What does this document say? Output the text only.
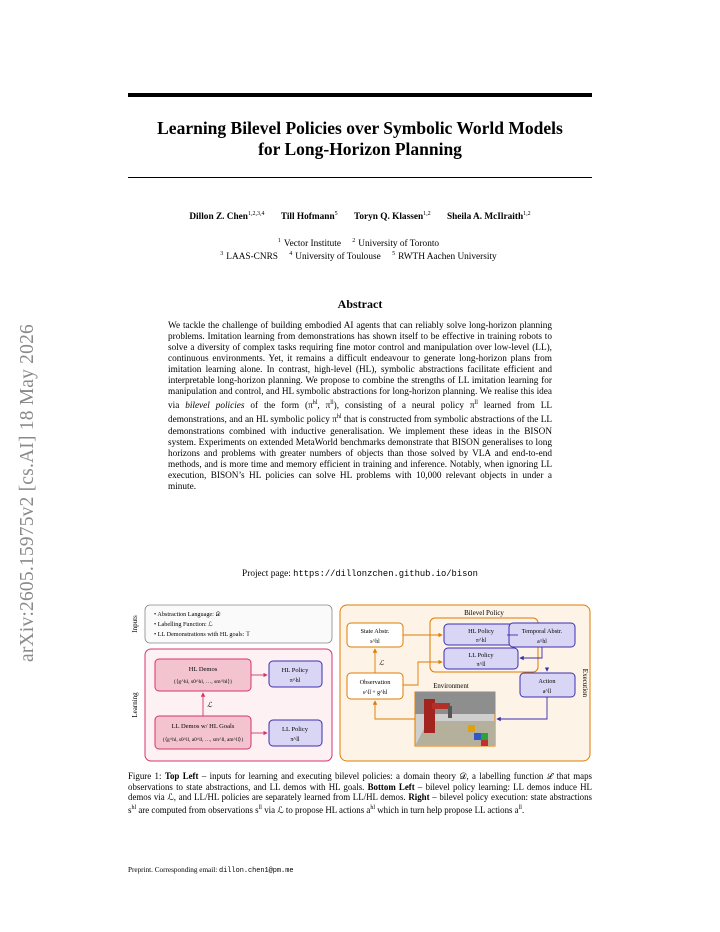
arXiv:2605.15975v2 [cs.AI] 18 May 2026
Learning Bilevel Policies over Symbolic World Models
for Long-Horizon Planning
Dillon Z. Chen$^{1,2,3,4}$ Till Hofmann$^5$ Toryn Q. Klassen$^{1,2}$ Sheila A. McIlraith$^{1,2}$
$^1$ Vector Institute $^2$ University of Toronto
$^3$ LAAS-CNRS $^4$ University of Toulouse $^5$ RWTH Aachen University
Abstract
We tackle the challenge of building embodied AI agents that can reliably solve long-horizon planning problems. Imitation learning from demonstrations has shown itself to be effective in training robots to solve a diversity of complex tasks requiring fine motor control and manipulation over low-level (LL), continuous environments. Yet, it remains a difficult endeavour to generate long-horizon plans from imitation learning alone. In contrast, high-level (HL), symbolic abstractions facilitate efficient and interpretable long-horizon planning. We propose to combine the strengths of LL imitation learning for manipulation and control, and HL symbolic abstractions for long-horizon planning. We realise this idea via bilevel policies of the form ($\pi^{hl}$, $\pi^{ll}$), consisting of a neural policy $\pi^{ll}$ learned from LL demonstrations, and an HL symbolic policy $\pi^{hl}$ that is constructed from symbolic abstractions of the LL demonstrations combined with inductive generalisation. We implement these ideas in the BISON system. Experiments on extended MetaWorld benchmarks demonstrate that BISON generalises to long horizons and problems with greater numbers of objects than those solved by VLA and end-to-end methods, and is more time and memory efficient in training and inference. Notably, when ignoring LL execution, BISON’s HL policies can solve HL problems with 10,000 relevant objects in under a minute.
Project page: https://dillonzchen.github.io/bison
Inputs
• Abstraction Language: 𝒟
• Labelling Function: ℒ
• LL Demonstrations with HL goals: 𝕋
Learning
HL Demos
{⟨g^hl, s0^hl, …, sm^hl⟩}
LL Demos w/ HL Goals
{⟨g^hl, s0^ll, a0^ll, …, sm^ll, am^ll⟩}
ℒ
HL Policy
π^hl
LL Policy
π^ll
Execution
Bilevel Policy
State Abstr.
s^hl
HL Policy
π^hl
LL Policy
π^ll
Temporal Abstr.
a^hl
Observation
s^ll + g^hl
Action
a^ll
Environment
ℒ
Figure 1: Top Left – inputs for learning and executing bilevel policies: a domain theory 𝒟, a labelling function ℒ that maps observations to state abstractions, and LL demos with HL goals. Bottom Left – bilevel policy learning: LL demos induce HL demos via ℒ, and LL/HL policies are separately learned from LL/HL demos. Right – bilevel policy execution: state abstractions $s^{hl}$ are computed from observations $s^{ll}$ via ℒ to propose HL actions $a^{hl}$ which in turn help propose LL actions $a^{ll}$.
Preprint. Corresponding email: dillon.chen1@pm.me
